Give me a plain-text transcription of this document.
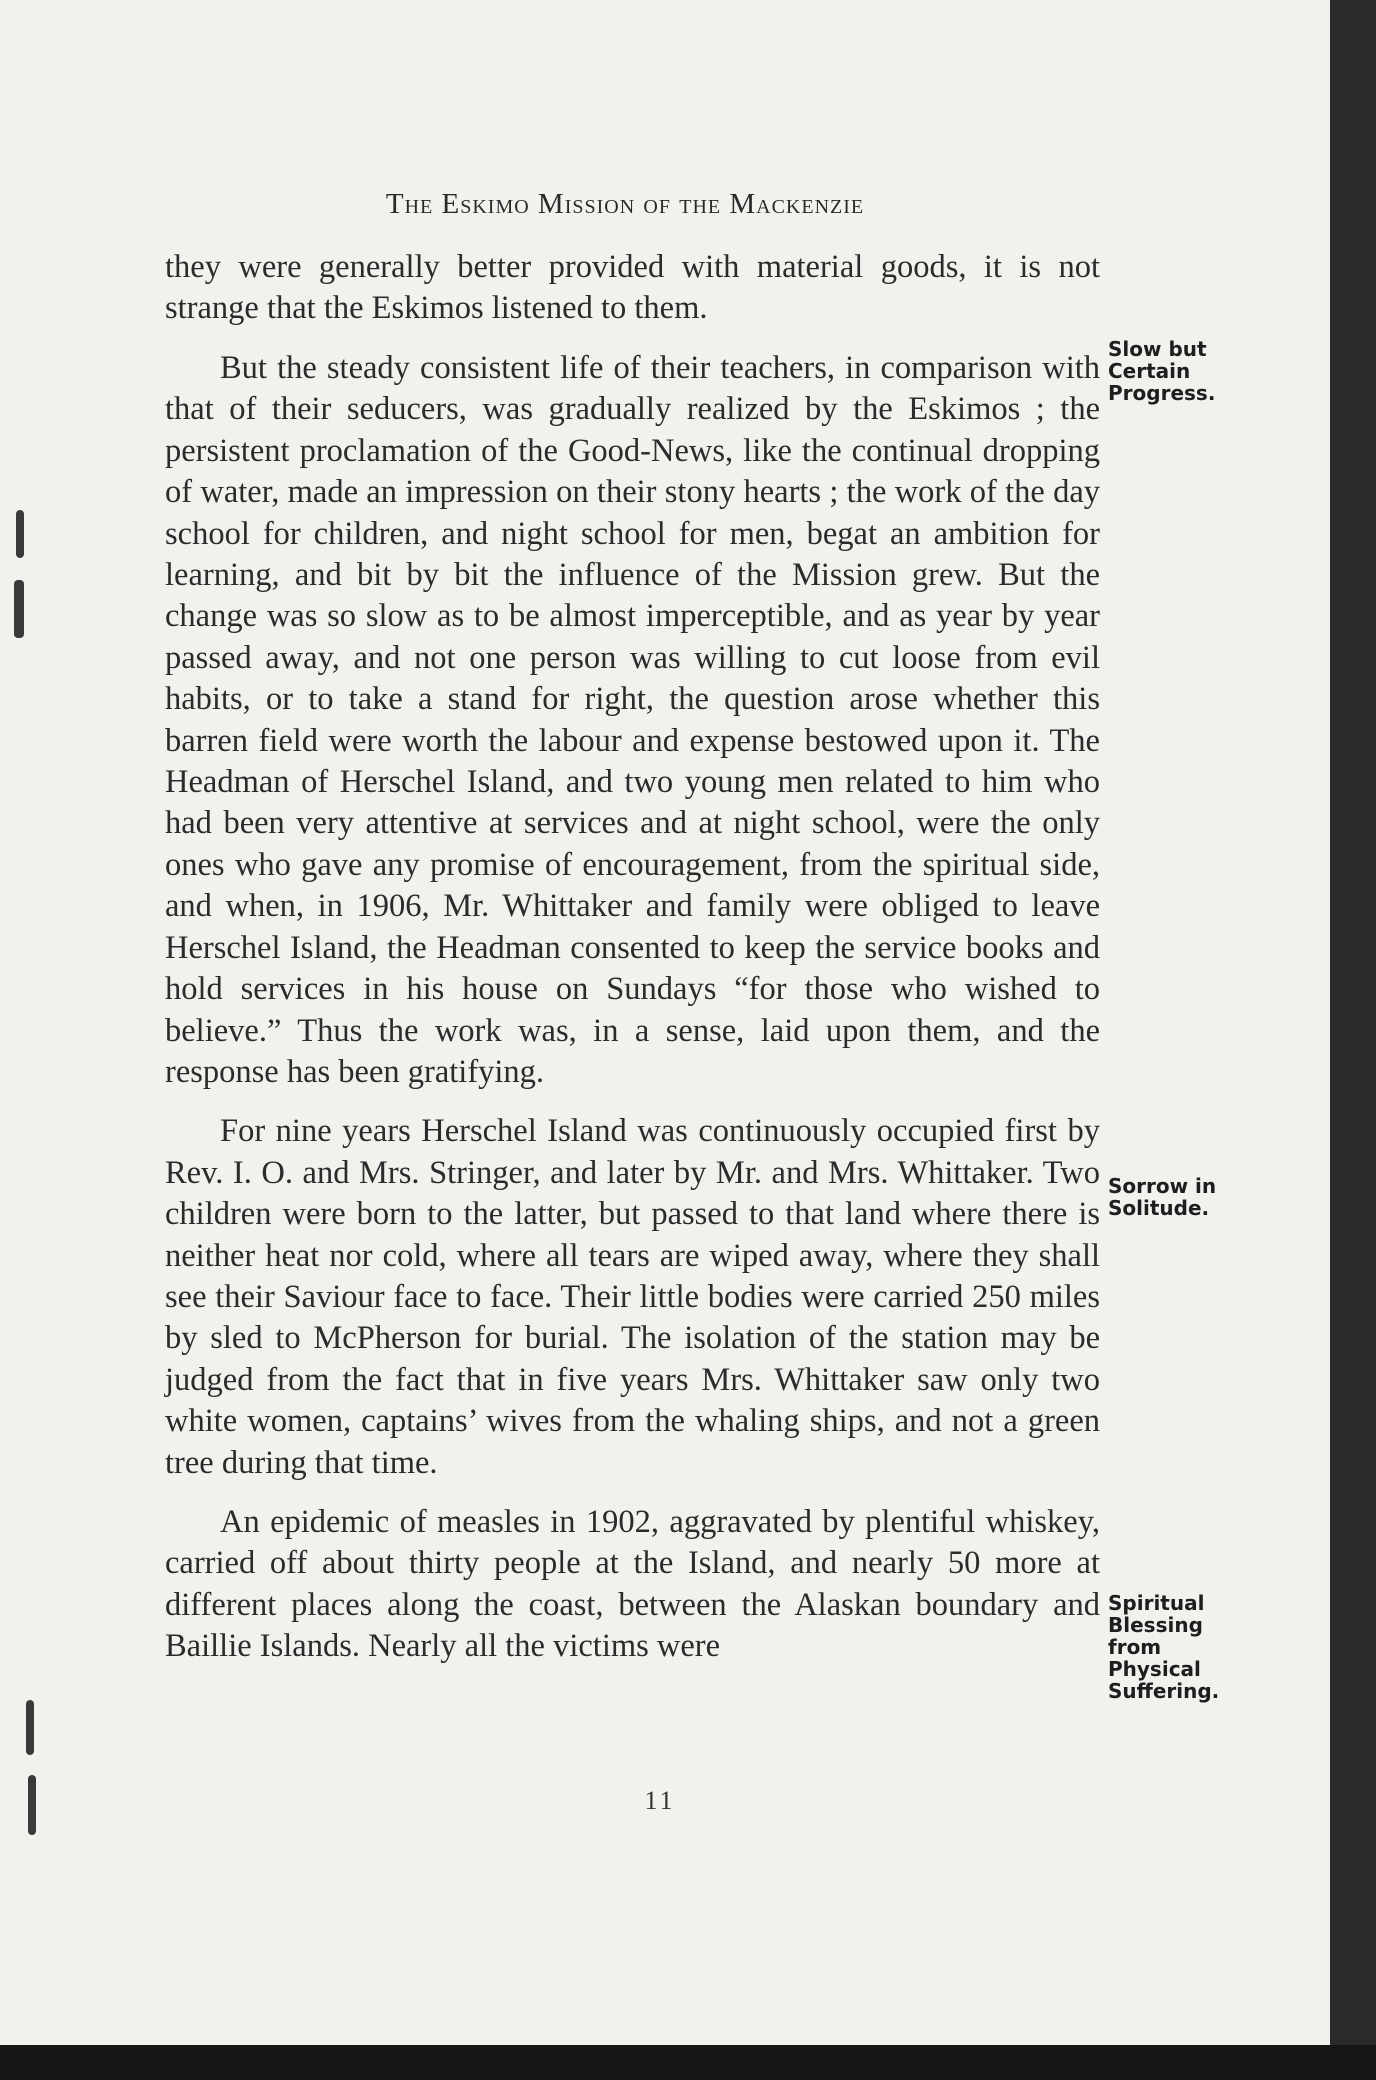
The Eskimo Mission of the Mackenzie

they were generally better provided with material goods, it is not strange that the Eskimos listened to them.

But the steady consistent life of their teachers, in comparison with that of their seducers, was gradually realized by the Eskimos ; the persistent proclamation of the Good-News, like the continual dropping of water, made an impression on their stony hearts ; the work of the day school for children, and night school for men, begat an ambition for learning, and bit by bit the influence of the Mission grew. But the change was so slow as to be almost imperceptible, and as year by year passed away, and not one person was willing to cut loose from evil habits, or to take a stand for right, the question arose whether this barren field were worth the labour and expense bestowed upon it. The Headman of Herschel Island, and two young men related to him who had been very attentive at services and at night school, were the only ones who gave any promise of encouragement, from the spiritual side, and when, in 1906, Mr. Whittaker and family were obliged to leave Herschel Island, the Headman consented to keep the service books and hold services in his house on Sundays “for those who wished to believe.” Thus the work was, in a sense, laid upon them, and the response has been gratifying.

For nine years Herschel Island was continuously occupied first by Rev. I. O. and Mrs. Stringer, and later by Mr. and Mrs. Whittaker. Two children were born to the latter, but passed to that land where there is neither heat nor cold, where all tears are wiped away, where they shall see their Saviour face to face. Their little bodies were carried 250 miles by sled to McPherson for burial. The isolation of the station may be judged from the fact that in five years Mrs. Whittaker saw only two white women, captains’ wives from the whaling ships, and not a green tree during that time.

An epidemic of measles in 1902, aggravated by plentiful whiskey, carried off about thirty people at the Island, and nearly 50 more at different places along the coast, between the Alaskan boundary and Baillie Islands. Nearly all the victims were

Slow but
Certain
Progress.
Sorrow in
Solitude.
Spiritual
Blessing
from
Physical
Suffering.
11
